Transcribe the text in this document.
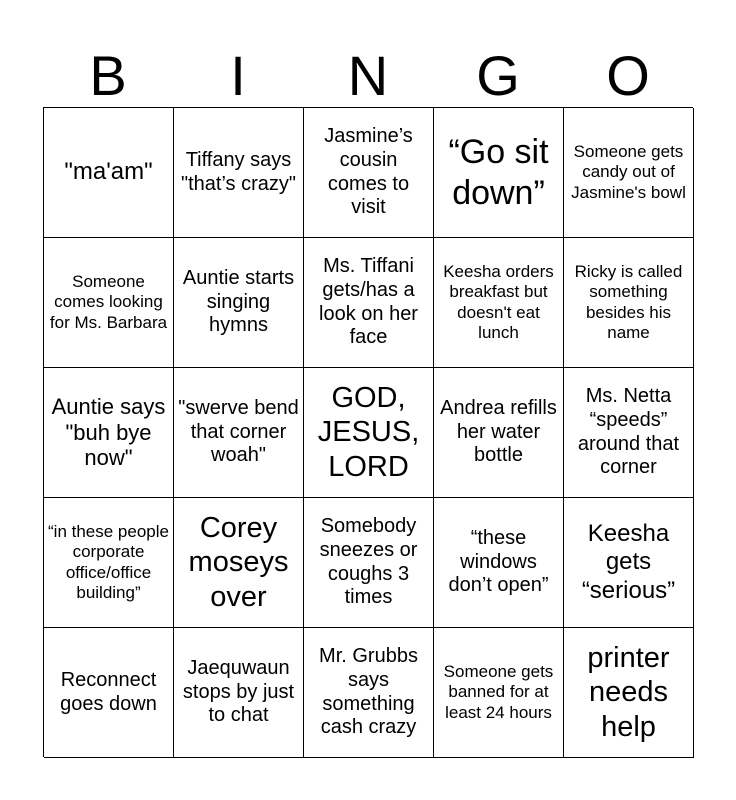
B	I	N	G	O
"ma'am"	Tiffany says "that’s crazy"
Jasmine’s cousin comes to visit
“Go sit down”
Someone gets candy out of Jasmine's bowl
Someone comes looking for Ms. Barbara
Auntie starts singing hymns
Ms. Tiffani gets/has a look on her face
Keesha orders breakfast but doesn't eat lunch
Ricky is called something besides his name
Auntie says "buh bye now"
"swerve bend that corner woah"
GOD, JESUS, LORD
Andrea refills her water bottle
Ms. Netta “speeds” around that corner
“in these people corporate office/office building”
Corey moseys over
Somebody sneezes or coughs 3 times
“these windows don’t open”
Keesha gets “serious”
Reconnect goes down
Jaequwaun stops by just to chat
Mr. Grubbs says something cash crazy
Someone gets banned for at least 24 hours
printer needs help
